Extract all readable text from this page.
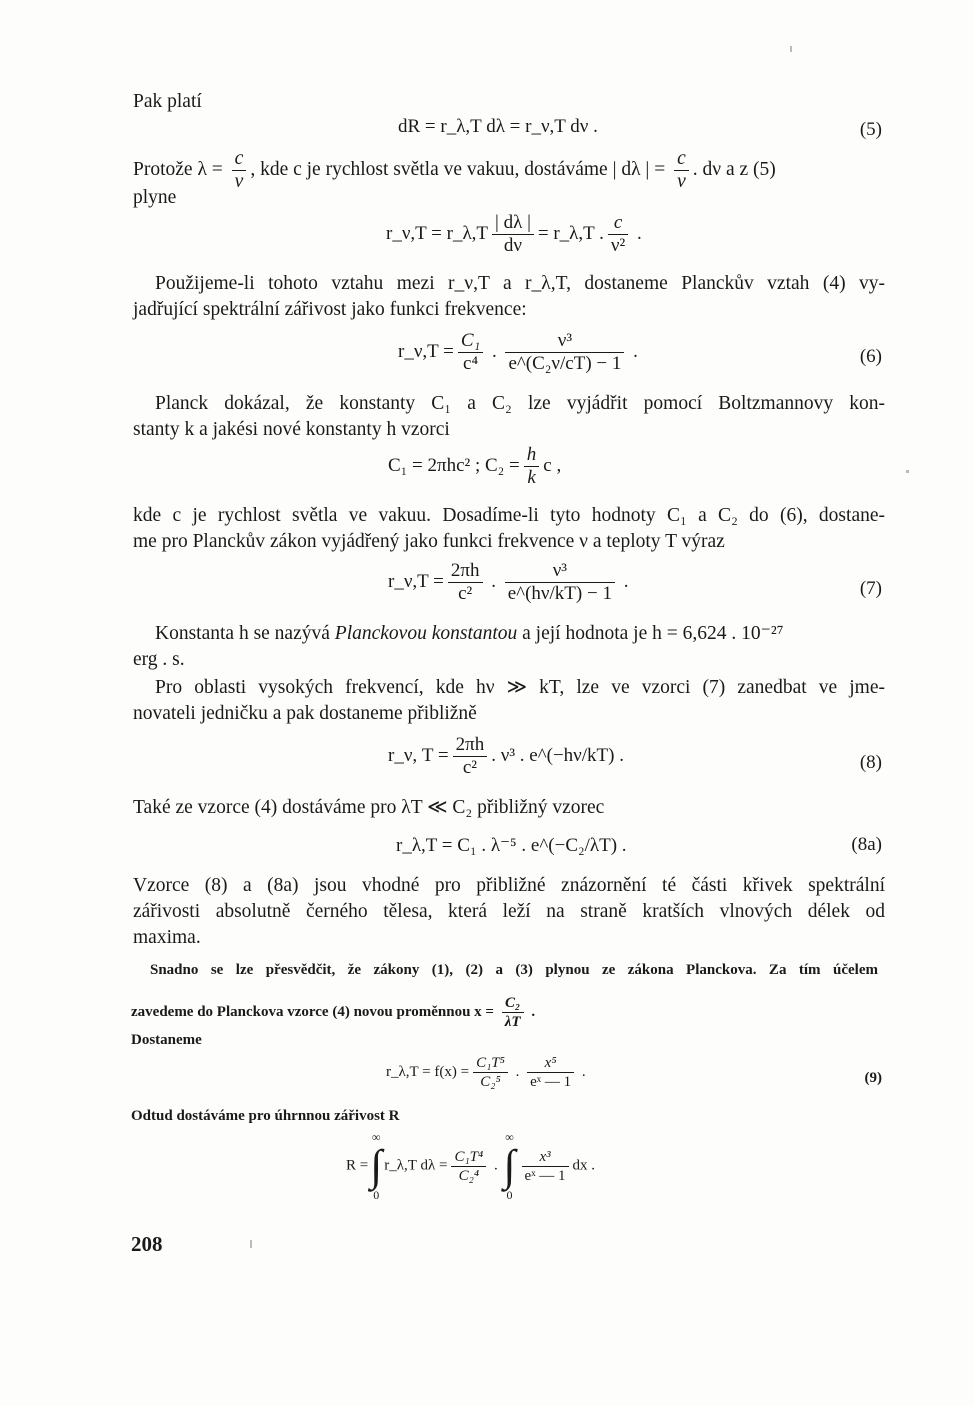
Pak platí
dR = r_λ,T dλ = r_ν,T dν .	(5)
Protože $\lambda = \frac{c}{\nu}$ , kde c je rychlost světla ve vakuu, dostáváme | dλ | = $\frac{c}{\nu}$ . dν a z (5)
plyne
r_ν,T = r_λ,T $\frac{| d\lambda |}{d\nu}$ = r_λ,T . $\frac{c}{\text{ν²}}$ .
Použijeme-li tohoto vztahu mezi r_ν,T a r_λ,T, dostaneme Planckův vztah (4) vy-
jadřující spektrální zářivost jako funkci frekvence:
r_ν,T = $\frac{\text{C₁}}{\text{c⁴}}$ . $\frac{\text{ν³}}{\text{e\textasciicircum{}(C₂ν/cT) − 1}}$ .	(6)
Planck dokázal, že konstanty C₁ a C₂ lze vyjádřit pomocí Boltzmannovy kon-
stanty k a jakési nové konstanty h vzorci
C₁ = 2πhc² ; $C_2 = \frac{h}{k}$ c ,
kde c je rychlost světla ve vakuu. Dosadíme-li tyto hodnoty C₁ a C₂ do (6), dostane-
me pro Planckův zákon vyjádřený jako funkci frekvence ν a teploty T výraz
r_ν,T = $\frac{2\pi h}{\text{c²}}$ . $\frac{\text{ν³}}{e\^{}(h\nu/kT) - 1}$ .	(7)
Konstanta h se nazývá Planckovou konstantou a její hodnota je h = 6,624 . 10⁻²⁷
erg . s.
Pro oblasti vysokých frekvencí, kde hν ≫ kT, lze ve vzorci (7) zanedbat ve jme-
novateli jedničku a pak dostaneme přibližně
r_ν, $T = \frac{2\pi h}{\text{c²}}$ . ν³ . e^(−hν/kT) .	(8)
Také ze vzorce (4) dostáváme pro λT ≪ C₂ přibližný vzorec
r_λ,T = C₁ . λ⁻⁵ . e^(−C₂/λT) .	(8a)
Vzorce (8) a (8a) jsou vhodné pro přibližné znázornění té části křivek spektrální
zářivosti absolutně černého tělesa, která leží na straně kratších vlnových délek od
maxima.
Snadno se lze přesvědčit, že zákony (1), (2) a (3) plynou ze zákona Planckova. Za tím účelem
zavedeme do Planckova vzorce (4) novou proměnnou $x = \frac{\text{C₂}}{\lambda T}$ .
Dostaneme
r_λ,T = $f(x) = \frac{\text{C₁T⁵}}{\text{C₂⁵}}$ . $\frac{\text{x⁵}}{\text{eˣ — 1}}$ .	(9)
Odtud dostáváme pro úhrnnou zářivost R
R =
∞
∫
0
r_λ,T $d\lambda = \frac{\text{C₁T⁴}}{\text{C₂⁴}}$ .
∞
∫
0
$\frac{\text{x³}}{\text{eˣ — 1}}$ dx .
208
